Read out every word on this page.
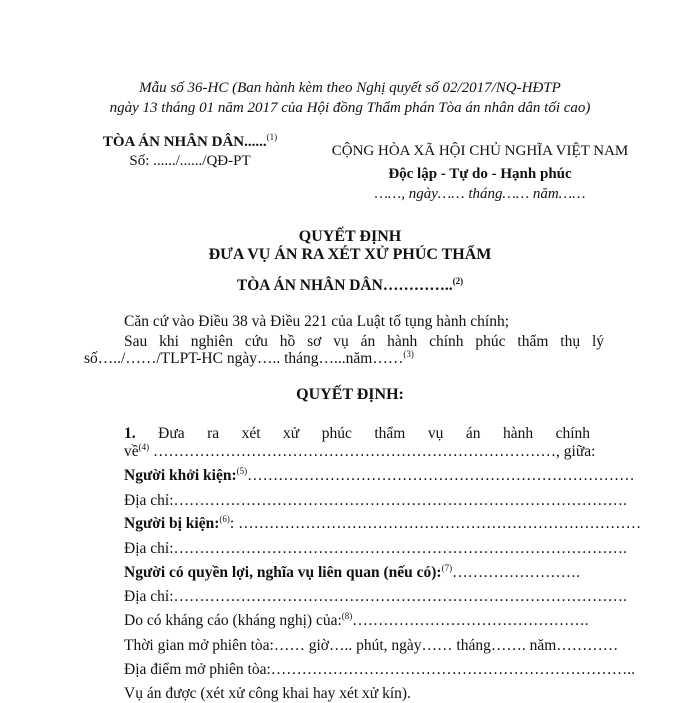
Mẫu số 36-HC (Ban hành kèm theo Nghị quyết số 02/2017/NQ-HĐTP
ngày 13 tháng 01 năm 2017 của Hội đồng Thẩm phán Tòa án nhân dân tối cao)
TÒA ÁN NHÂN DÂN......$^{(1)}$
Số: ....../....../QĐ-PT
CỘNG HÒA XÃ HỘI CHỦ NGHĨA VIỆT NAM
Độc lập - Tự do - Hạnh phúc
……, ngày…… tháng…… năm……
QUYẾT ĐỊNH
ĐƯA VỤ ÁN RA XÉT XỬ PHÚC THẨM
TÒA ÁN NHÂN DÂN…………..$^{(2)}$
Căn cứ vào Điều 38 và Điều 221 của Luật tố tụng hành chính;
Sau khi nghiên cứu hồ sơ vụ án hành chính phúc thẩm thụ lý
số…../……/TLPT-HC ngày….. tháng…...năm……$^{(3)}$
QUYẾT ĐỊNH:
1. Đưa ra xét xử phúc thẩm vụ án hành chính
về$^{(4)}$ ……………………………………………………………………, giữa:
Người khởi kiện:$^{(5)}$…………………………………………………………………
Địa chỉ:…………………………………………………………………………….
Người bị kiện:$^{(6)}$: ……………………………………………………………………
Địa chỉ:…………………………………………………………………………….
Người có quyền lợi, nghĩa vụ liên quan (nếu có):$^{(7)}$…………………….
Địa chỉ:…………………………………………………………………………….
Do có kháng cáo (kháng nghị) của:$^{(8)}$……………………………………….
Thời gian mở phiên tòa:…… giờ….. phút, ngày…… tháng……. năm…………
Địa điểm mở phiên tòa:……………………………………………………………..
Vụ án được (xét xử công khai hay xét xử kín).
